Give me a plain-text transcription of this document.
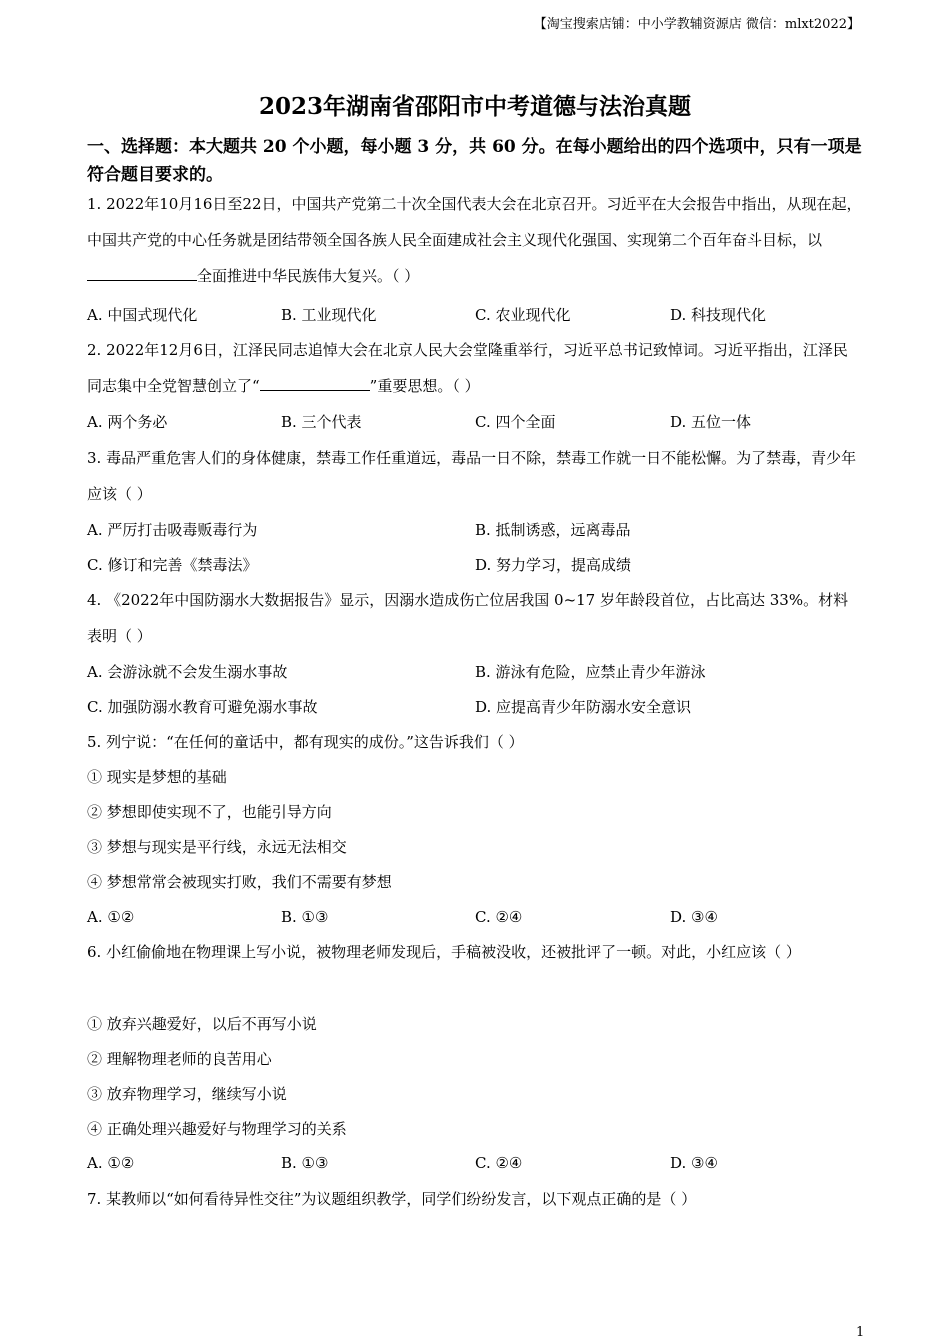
【淘宝搜索店铺：中小学教辅资源店 微信：mlxt2022】
2023年湖南省邵阳市中考道德与法治真题
一、选择题：本大题共 20 个小题，每小题 3 分，共 60 分。在每小题给出的四个选项中，只有一项是符合题目要求的。
1. 2022年10月16日至22日，中国共产党第二十次全国代表大会在北京召开。习近平在大会报告中指出，从现在起，中国共产党的中心任务就是团结带领全国各族人民全面建成社会主义现代化强国、实现第二个百年奋斗目标，以全面推进中华民族伟大复兴。（ ）
A. 中国式现代化	B. 工业现代化	C. 农业现代化	D. 科技现代化
2. 2022年12月6日，江泽民同志追悼大会在北京人民大会堂隆重举行，习近平总书记致悼词。习近平指出，江泽民同志集中全党智慧创立了“	”重要思想。（ ）
A. 两个务必	B. 三个代表	C. 四个全面	D. 五位一体
3. 毒品严重危害人们的身体健康，禁毒工作任重道远，毒品一日不除，禁毒工作就一日不能松懈。为了禁毒，青少年应该（ ）
A. 严厉打击吸毒贩毒行为	B. 抵制诱惑，远离毒品
C. 修订和完善《禁毒法》	D. 努力学习，提高成绩
4. 《2022年中国防溺水大数据报告》显示，因溺水造成伤亡位居我国 0~17 岁年龄段首位，占比高达 33%。材料表明（ ）
A. 会游泳就不会发生溺水事故	B. 游泳有危险，应禁止青少年游泳
C. 加强防溺水教育可避免溺水事故	D. 应提高青少年防溺水安全意识
5. 列宁说：“在任何的童话中，都有现实的成份。”这告诉我们（ ）
① 现实是梦想的基础
② 梦想即使实现不了，也能引导方向
③ 梦想与现实是平行线，永远无法相交
④ 梦想常常会被现实打败，我们不需要有梦想
A. ①②	B. ①③	C. ②④	D. ③④
6. 小红偷偷地在物理课上写小说，被物理老师发现后，手稿被没收，还被批评了一顿。对此，小红应该（ ）
① 放弃兴趣爱好，以后不再写小说
② 理解物理老师的良苦用心
③ 放弃物理学习，继续写小说
④ 正确处理兴趣爱好与物理学习的关系
A. ①②	B. ①③	C. ②④	D. ③④
7. 某教师以“如何看待异性交往”为议题组织教学，同学们纷纷发言，以下观点正确的是（ ）
1
